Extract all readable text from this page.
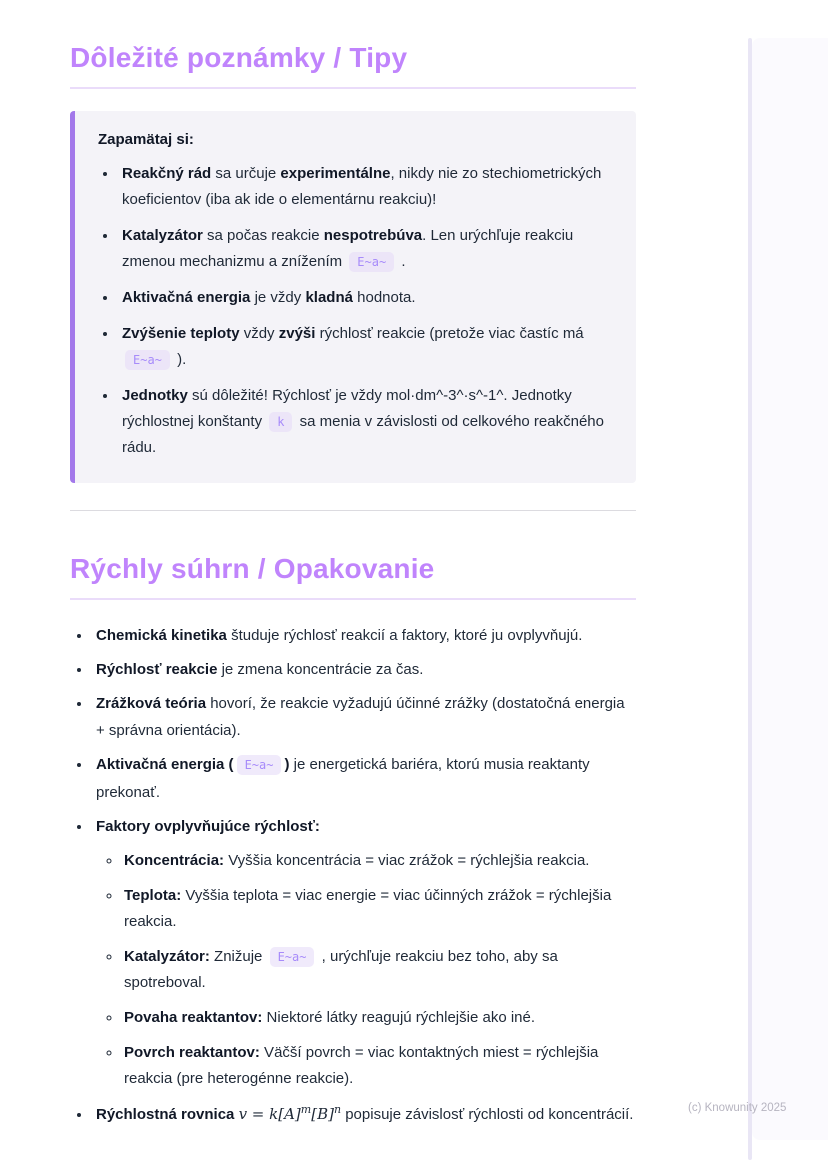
Dôležité poznámky / Tipy

Zapamätaj si:

• Reakčný rád sa určuje experimentálne, nikdy nie zo stechiometrických koeficientov (iba ak ide o elementárnu reakciu)!
• Katalyzátor sa počas reakcie nespotrebúva. Len urýchľuje reakciu zmenou mechanizmu a znížením E~a~ .
• Aktivačná energia je vždy kladná hodnota.
• Zvýšenie teploty vždy zvýši rýchlosť reakcie (pretože viac častíc má E~a~ ).
• Jednotky sú dôležité! Rýchlosť je vždy mol·dm^-3^·s^-1^. Jednotky rýchlostnej konštanty k sa menia v závislosti od celkového reakčného rádu.
Rýchly súhrn / Opakovanie
• Chemická kinetika študuje rýchlosť reakcií a faktory, ktoré ju ovplyvňujú.
• Rýchlosť reakcie je zmena koncentrácie za čas.
• Zrážková teória hovorí, že reakcie vyžadujú účinné zrážky (dostatočná energia + správna orientácia).
• Aktivačná energia ( E~a~ ) je energetická bariéra, ktorú musia reaktanty prekonať.
• Faktory ovplyvňujúce rýchlosť:
◦ Koncentrácia: Vyššia koncentrácia = viac zrážok = rýchlejšia reakcia.
◦ Teplota: Vyššia teplota = viac energie = viac účinných zrážok = rýchlejšia reakcia.
◦ Katalyzátor: Znižuje E~a~ , urýchľuje reakciu bez toho, aby sa spotreboval.
◦ Povaha reaktantov: Niektoré látky reagujú rýchlejšie ako iné.
◦ Povrch reaktantov: Väčší povrch = viac kontaktných miest = rýchlejšia reakcia (pre heterogénne reakcie).
• Rýchlostná rovnica $v = k[A]^m[B]^n$ popisuje závislosť rýchlosti od koncentrácií.	(c) Knowunity 2025
